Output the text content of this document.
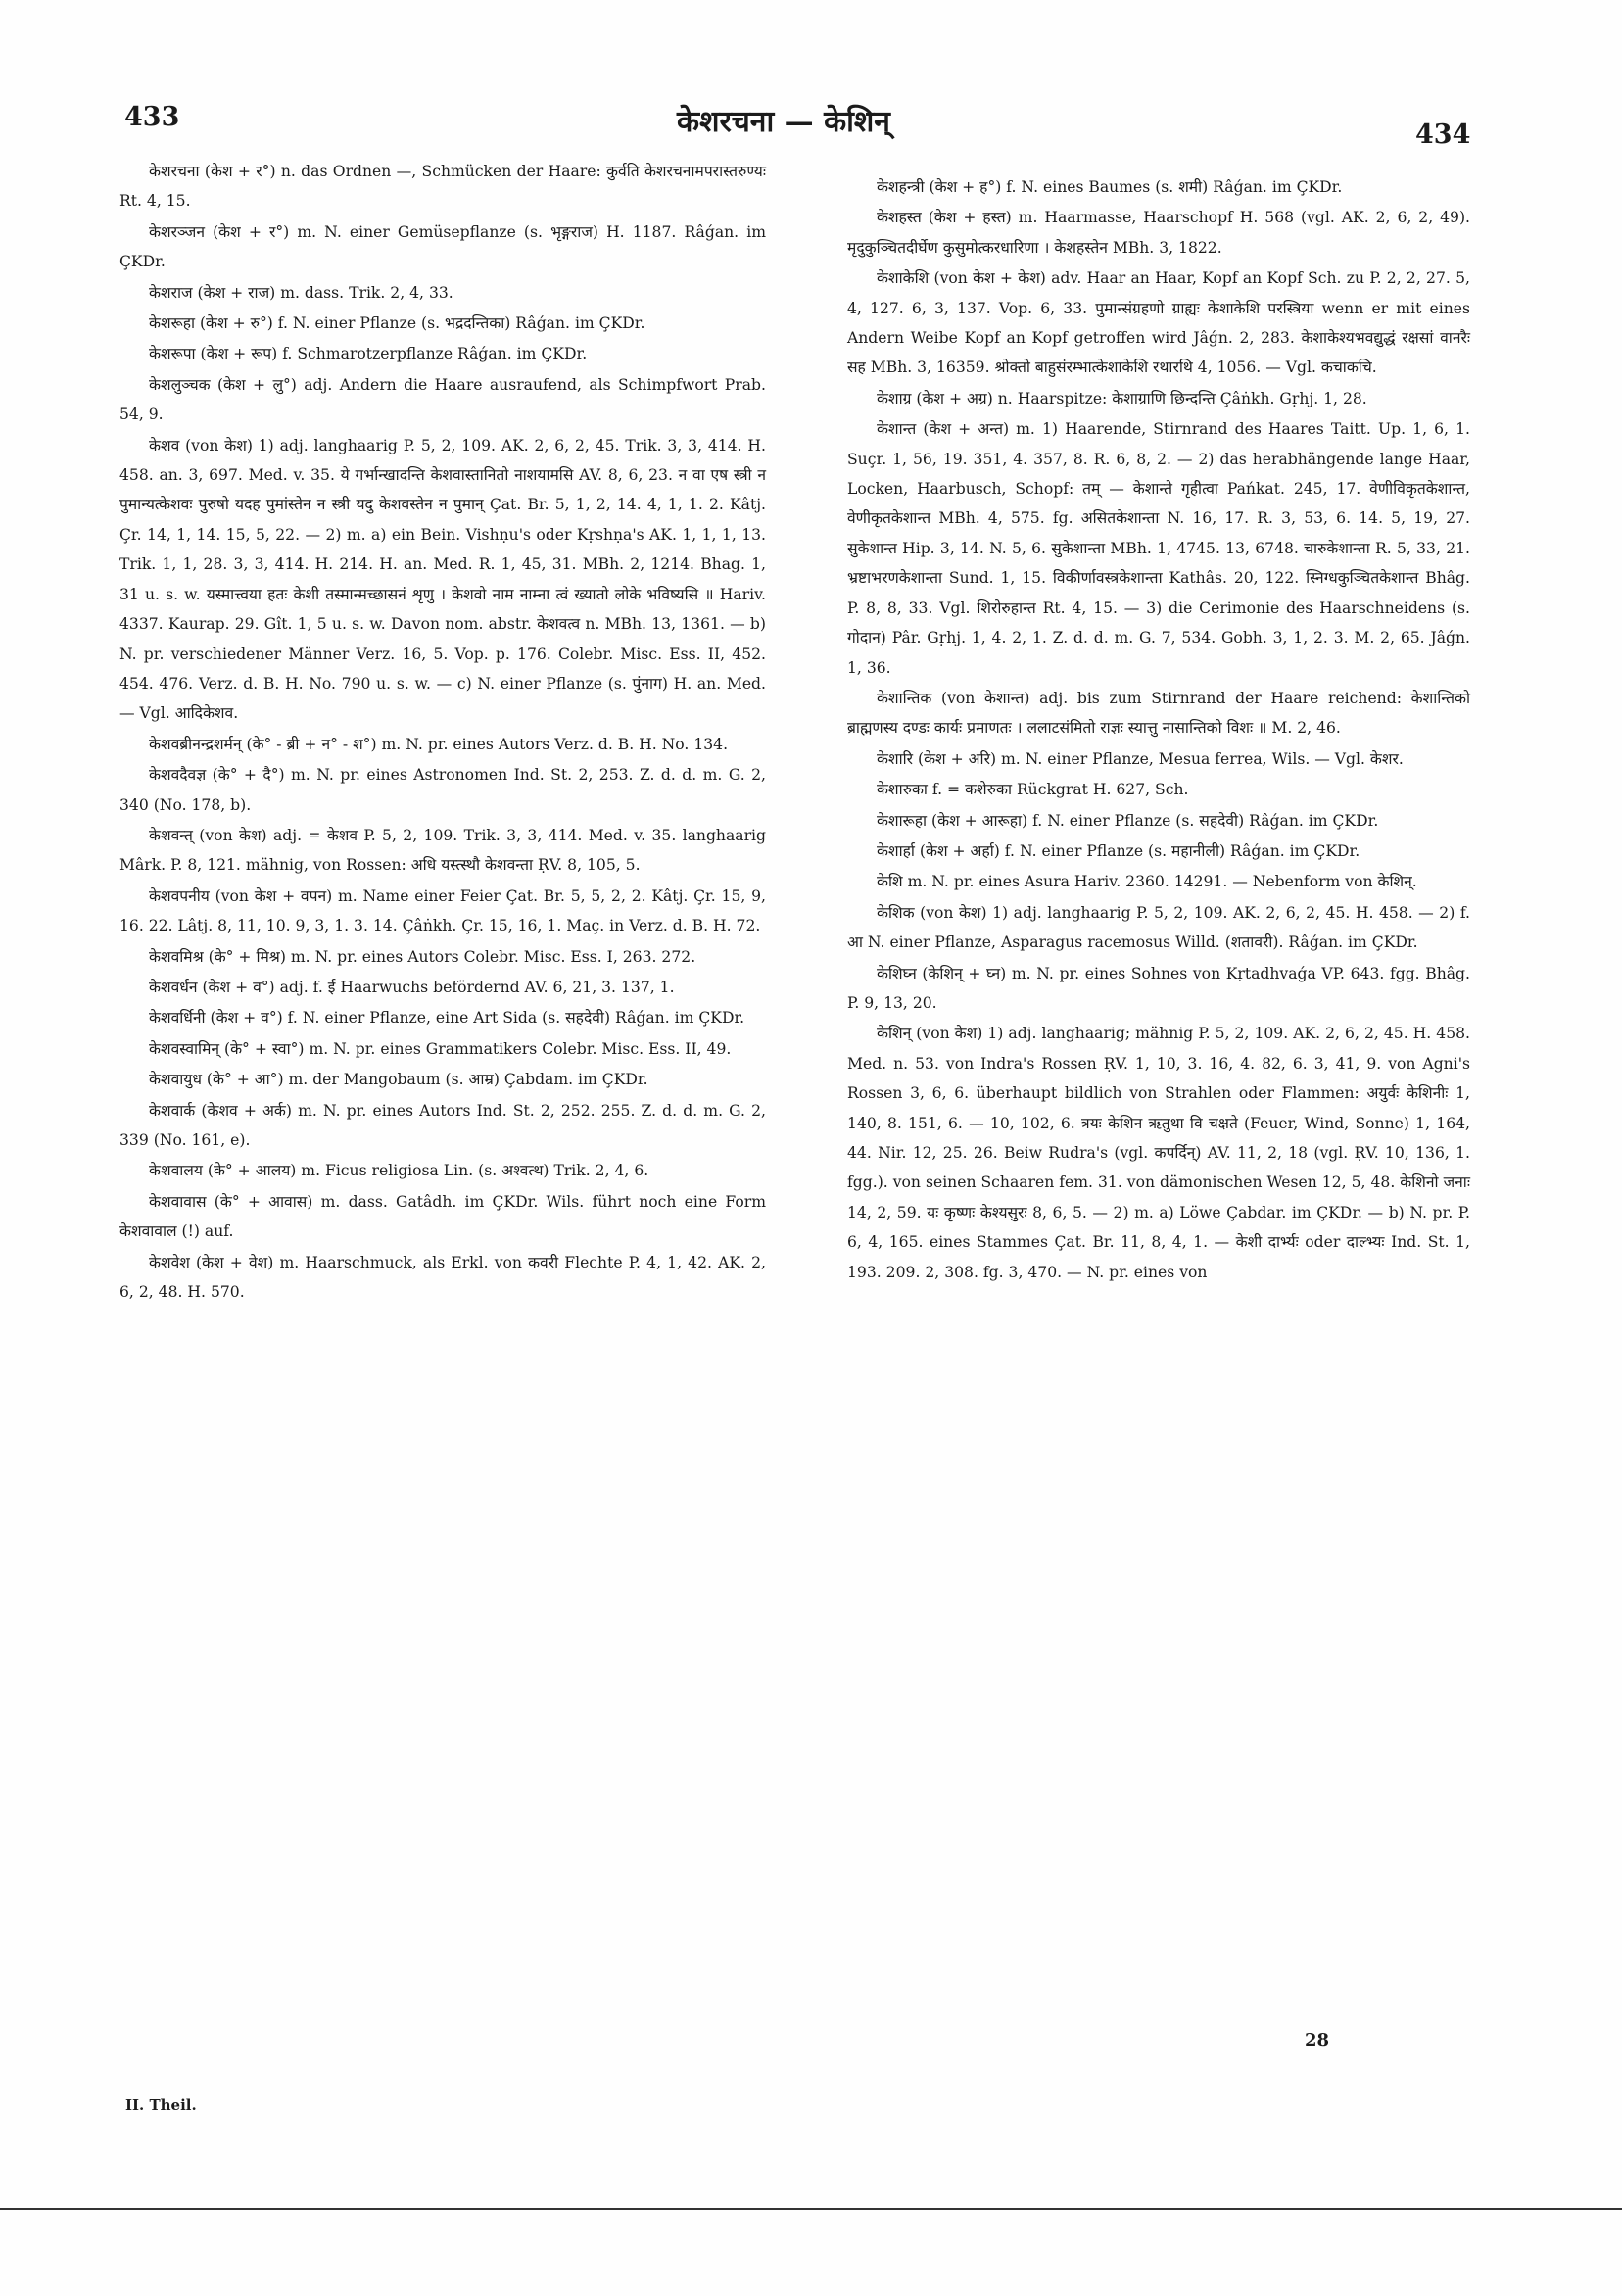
433	केशरचना — केशिन्	434

केशरचना (केश + र°) n. das Ordnen —, Schmücken der Haare: कुर्वति केशरचनामपरास्तरुण्यः Rt. 4, 15.

केशरञ्जन (केश + र°) m. N. einer Gemüsepflanze (s. भृङ्गराज) H. 1187. Râǵan. im ÇKDr.

केशराज (केश + राज) m. dass. Trik. 2, 4, 33.

केशरूहा (केश + रु°) f. N. einer Pflanze (s. भद्रदन्तिका) Râǵan. im ÇKDr.

केशरूपा (केश + रूप) f. Schmarotzerpflanze Râǵan. im ÇKDr.

केशलुञ्चक (केश + लु°) adj. Andern die Haare ausraufend, als Schimpfwort Prab. 54, 9.

केशव (von केश) 1) adj. langhaarig P. 5, 2, 109. AK. 2, 6, 2, 45. Trik. 3, 3, 414. H. 458. an. 3, 697. Med. v. 35. ये गर्भान्खादन्ति केशवास्तानितो नाशयामसि AV. 8, 6, 23. न वा एष स्त्री न पुमान्यत्केशवः पुरुषो यदह पुमांस्तेन न स्त्री यदु केशवस्तेन न पुमान् Çat. Br. 5, 1, 2, 14. 4, 1, 1. 2. Kâtj. Çr. 14, 1, 14. 15, 5, 22. — 2) m. a) ein Bein. Vishṇu's oder Kṛshṇa's AK. 1, 1, 1, 13. Trik. 1, 1, 28. 3, 3, 414. H. 214. H. an. Med. R. 1, 45, 31. MBh. 2, 1214. Bhag. 1, 31 u. s. w. यस्मात्त्वया हतः केशी तस्मान्मच्छासनं शृणु । केशवो नाम नाम्ना त्वं ख्यातो लोके भविष्यसि ॥ Hariv. 4337. Kaurap. 29. Gît. 1, 5 u. s. w. Davon nom. abstr. केशवत्व n. MBh. 13, 1361. — b) N. pr. verschiedener Männer Verz. 16, 5. Vop. p. 176. Colebr. Misc. Ess. II, 452. 454. 476. Verz. d. B. H. No. 790 u. s. w. — c) N. einer Pflanze (s. पुंनाग) H. an. Med. — Vgl. आदिकेशव.

केशवब्रीनन्द्रशर्मन् (के° - ब्री + न° - श°) m. N. pr. eines Autors Verz. d. B. H. No. 134.

केशवदैवज्ञ (के° + दै°) m. N. pr. eines Astronomen Ind. St. 2, 253. Z. d. d. m. G. 2, 340 (No. 178, b).

केशवन्त् (von केश) adj. = केशव P. 5, 2, 109. Trik. 3, 3, 414. Med. v. 35. langhaarig Mârk. P. 8, 121. mähnig, von Rossen: अधि यस्त्स्थौ केशवन्ता ṚV. 8, 105, 5.

केशवपनीय (von केश + वपन) m. Name einer Feier Çat. Br. 5, 5, 2, 2. Kâtj. Çr. 15, 9, 16. 22. Lâtj. 8, 11, 10. 9, 3, 1. 3. 14. Çâṅkh. Çr. 15, 16, 1. Maç. in Verz. d. B. H. 72.

केशवमिश्र (के° + मिश्र) m. N. pr. eines Autors Colebr. Misc. Ess. I, 263. 272.

केशवर्धन (केश + व°) adj. f. ई Haarwuchs befördernd AV. 6, 21, 3. 137, 1.

केशवर्धिनी (केश + व°) f. N. einer Pflanze, eine Art Sida (s. सहदेवी) Râǵan. im ÇKDr.

केशवस्वामिन् (के° + स्वा°) m. N. pr. eines Grammatikers Colebr. Misc. Ess. II, 49.

केशवायुध (के° + आ°) m. der Mangobaum (s. आम्र) Çabdam. im ÇKDr.

केशवार्क (केशव + अर्क) m. N. pr. eines Autors Ind. St. 2, 252. 255. Z. d. d. m. G. 2, 339 (No. 161, e).

केशवालय (के° + आलय) m. Ficus religiosa Lin. (s. अश्वत्थ) Trik. 2, 4, 6.

केशवावास (के° + आवास) m. dass. Gatâdh. im ÇKDr. Wils. führt noch eine Form केशवावाल (!) auf.

केशवेश (केश + वेश) m. Haarschmuck, als Erkl. von कवरी Flechte P. 4, 1, 42. AK. 2, 6, 2, 48. H. 570.

केशहन्त्री (केश + ह°) f. N. eines Baumes (s. शमी) Râǵan. im ÇKDr.

केशहस्त (केश + हस्त) m. Haarmasse, Haarschopf H. 568 (vgl. AK. 2, 6, 2, 49). मृदुकुञ्चितदीर्घेण कुसुमोत्करधारिणा । केशहस्तेन MBh. 3, 1822.

केशाकेशि (von केश + केश) adv. Haar an Haar, Kopf an Kopf Sch. zu P. 2, 2, 27. 5, 4, 127. 6, 3, 137. Vop. 6, 33. पुमान्संग्रहणो ग्राह्यः केशाकेशि परस्त्रिया wenn er mit eines Andern Weibe Kopf an Kopf getroffen wird Jâǵn. 2, 283. केशाकेश्यभवद्युद्धं रक्षसां वानरैः सह MBh. 3, 16359. श्रोक्तो बाहुसंरम्भात्केशाकेशि रथारथि 4, 1056. — Vgl. कचाकचि.

केशाग्र (केश + अग्र) n. Haarspitze: केशाग्राणि छिन्दन्ति Çâṅkh. Gṛhj. 1, 28.

केशान्त (केश + अन्त) m. 1) Haarende, Stirnrand des Haares Taitt. Up. 1, 6, 1. Suçr. 1, 56, 19. 351, 4. 357, 8. R. 6, 8, 2. — 2) das herabhängende lange Haar, Locken, Haarbusch, Schopf: तम् — केशान्ते गृहीत्वा Pańkat. 245, 17. वेणीविकृतकेशान्त, वेणीकृतकेशान्त MBh. 4, 575. fg. असितकेशान्ता N. 16, 17. R. 3, 53, 6. 14. 5, 19, 27. सुकेशान्त Hip. 3, 14. N. 5, 6. सुकेशान्ता MBh. 1, 4745. 13, 6748. चारुकेशान्ता R. 5, 33, 21. भ्रष्टाभरणकेशान्ता Sund. 1, 15. विकीर्णावस्त्रकेशान्ता Kathâs. 20, 122. स्निग्धकुञ्चितकेशान्त Bhâg. P. 8, 8, 33. Vgl. शिरोरुहान्त Rt. 4, 15. — 3) die Cerimonie des Haarschneidens (s. गोदान) Pâr. Gṛhj. 1, 4. 2, 1. Z. d. d. m. G. 7, 534. Gobh. 3, 1, 2. 3. M. 2, 65. Jâǵn. 1, 36.

केशान्तिक (von केशान्त) adj. bis zum Stirnrand der Haare reichend: केशान्तिको ब्राह्मणस्य दण्डः कार्यः प्रमाणतः । ललाटसंमितो राज्ञः स्यात्तु नासान्तिको विशः ॥ M. 2, 46.

केशारि (केश + अरि) m. N. einer Pflanze, Mesua ferrea, Wils. — Vgl. केशर.

केशारुका f. = कशेरुका Rückgrat H. 627, Sch.

केशारूहा (केश + आरूहा) f. N. einer Pflanze (s. सहदेवी) Râǵan. im ÇKDr.

केशार्हा (केश + अर्हा) f. N. einer Pflanze (s. महानीली) Râǵan. im ÇKDr.

केशि m. N. pr. eines Asura Hariv. 2360. 14291. — Nebenform von केशिन्.

केशिक (von केश) 1) adj. langhaarig P. 5, 2, 109. AK. 2, 6, 2, 45. H. 458. — 2) f. आ N. einer Pflanze, Asparagus racemosus Willd. (शतावरी). Râǵan. im ÇKDr.

केशिघ्न (केशिन् + घ्न) m. N. pr. eines Sohnes von Kṛtadhvaǵa VP. 643. fgg. Bhâg. P. 9, 13, 20.

केशिन् (von केश) 1) adj. langhaarig; mähnig P. 5, 2, 109. AK. 2, 6, 2, 45. H. 458. Med. n. 53. von Indra's Rossen ṚV. 1, 10, 3. 16, 4. 82, 6. 3, 41, 9. von Agni's Rossen 3, 6, 6. überhaupt bildlich von Strahlen oder Flammen: अयुर्वः केशिनीः 1, 140, 8. 151, 6. — 10, 102, 6. त्रयः केशिन ऋतुथा वि चक्षते (Feuer, Wind, Sonne) 1, 164, 44. Nir. 12, 25. 26. Beiw Rudra's (vgl. कपर्दिन्) AV. 11, 2, 18 (vgl. ṚV. 10, 136, 1. fgg.). von seinen Schaaren fem. 31. von dämonischen Wesen 12, 5, 48. केशिनो जनाः 14, 2, 59. यः कृष्णः केश्यसुरः 8, 6, 5. — 2) m. a) Löwe Çabdar. im ÇKDr. — b) N. pr. P. 6, 4, 165. eines Stammes Çat. Br. 11, 8, 4, 1. — केशी दार्भ्यः oder दाल्भ्यः Ind. St. 1, 193. 209. 2, 308. fg. 3, 470. — N. pr. eines von

28
II. Theil.
